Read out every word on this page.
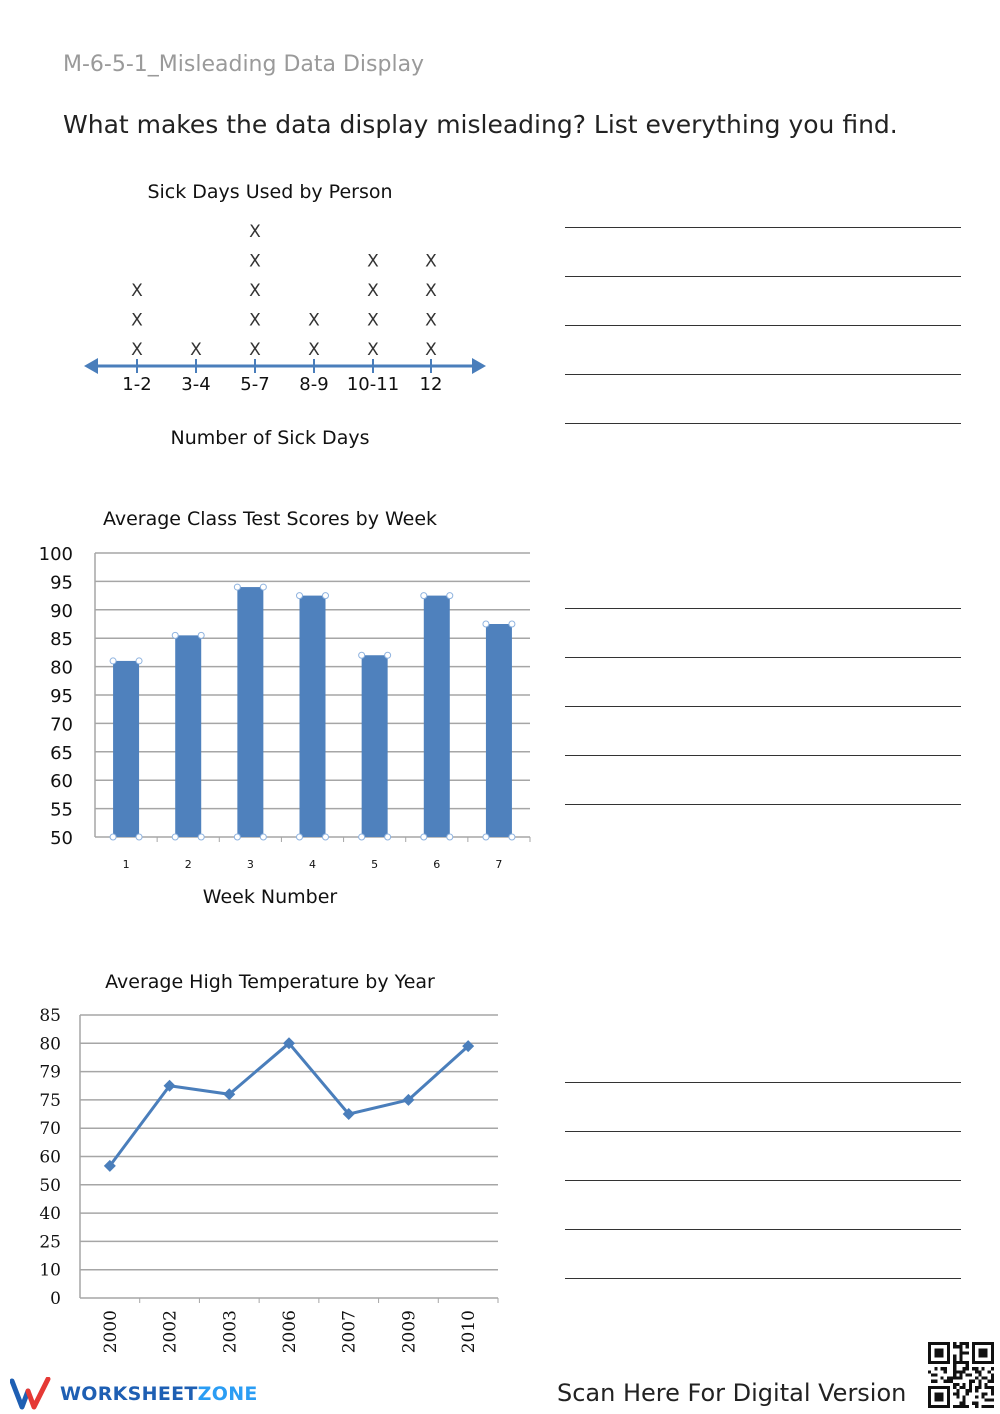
M-6-5-1_Misleading Data Display
What makes the data display misleading? List everything you find.
Sick Days Used by Person
X
X
X
X	X
X
X
X
X
X
X
X
X
X
X
X
X
X
X
1-2 3-4 5-7 8-9 10-11 12
Number of Sick Days
Average Class Test Scores by Week
50
55
60
65
70
95
80
85
90
95
100
1	2	3	4	5	6	7
Week Number
Average High Temperature by Year
0
10
25
40
50
60
70
75
79
80
85
2000 2002 2003 2006 2007 2009 2010
WORKSHEETZONE	Scan Here For Digital Version
